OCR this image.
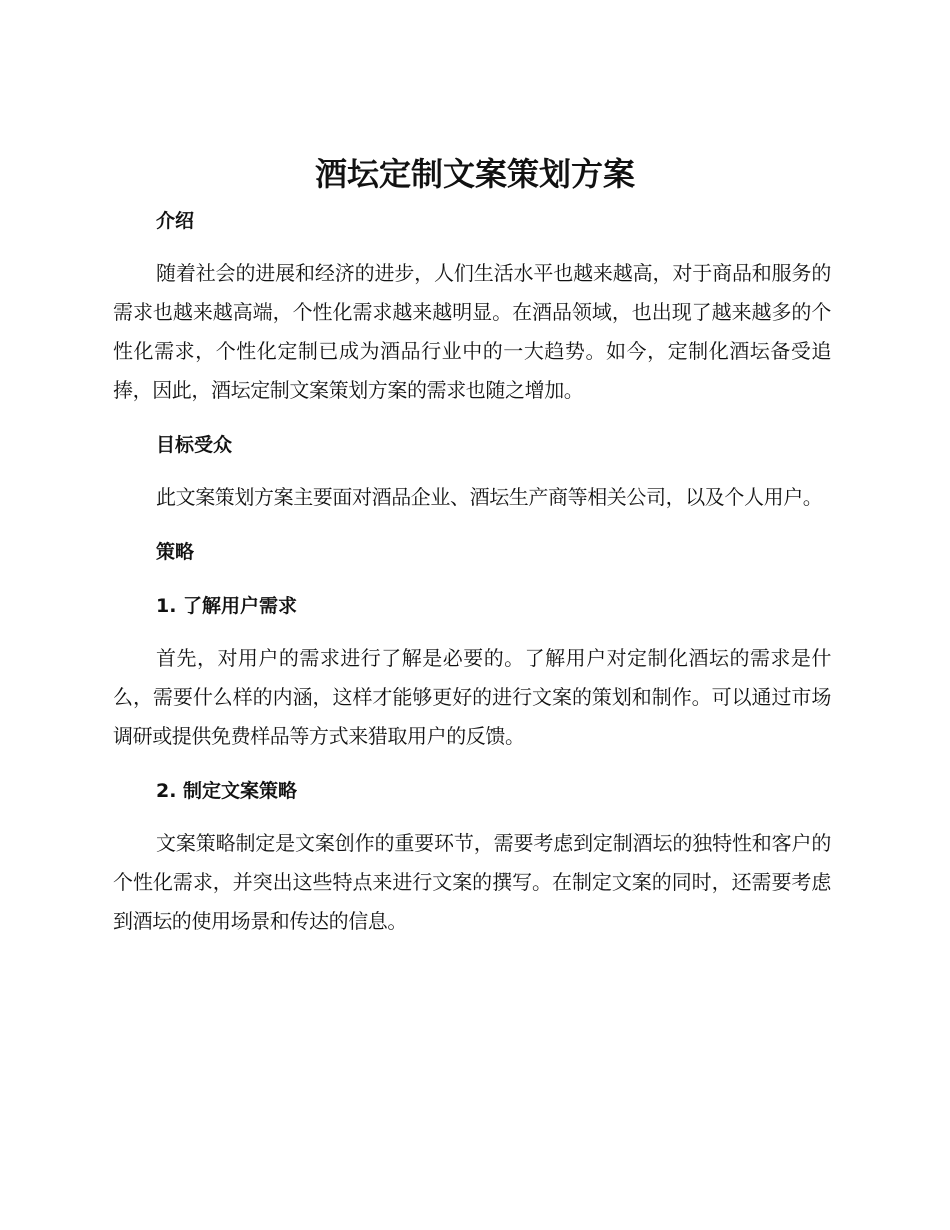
酒坛定制文案策划方案
介绍

随着社会的进展和经济的进步，人们生活水平也越来越高，对于商品和服务的需求也越来越高端，个性化需求越来越明显。在酒品领域，也出现了越来越多的个性化需求，个性化定制已成为酒品行业中的一大趋势。如今，定制化酒坛备受追捧，因此，酒坛定制文案策划方案的需求也随之增加。

目标受众

此文案策划方案主要面对酒品企业、酒坛生产商等相关公司，以及个人用户。

策略
1. 了解用户需求

首先，对用户的需求进行了解是必要的。了解用户对定制化酒坛的需求是什么，需要什么样的内涵，这样才能够更好的进行文案的策划和制作。可以通过市场调研或提供免费样品等方式来猎取用户的反馈。

2. 制定文案策略

文案策略制定是文案创作的重要环节，需要考虑到定制酒坛的独特性和客户的个性化需求，并突出这些特点来进行文案的撰写。在制定文案的同时，还需要考虑到酒坛的使用场景和传达的信息。
